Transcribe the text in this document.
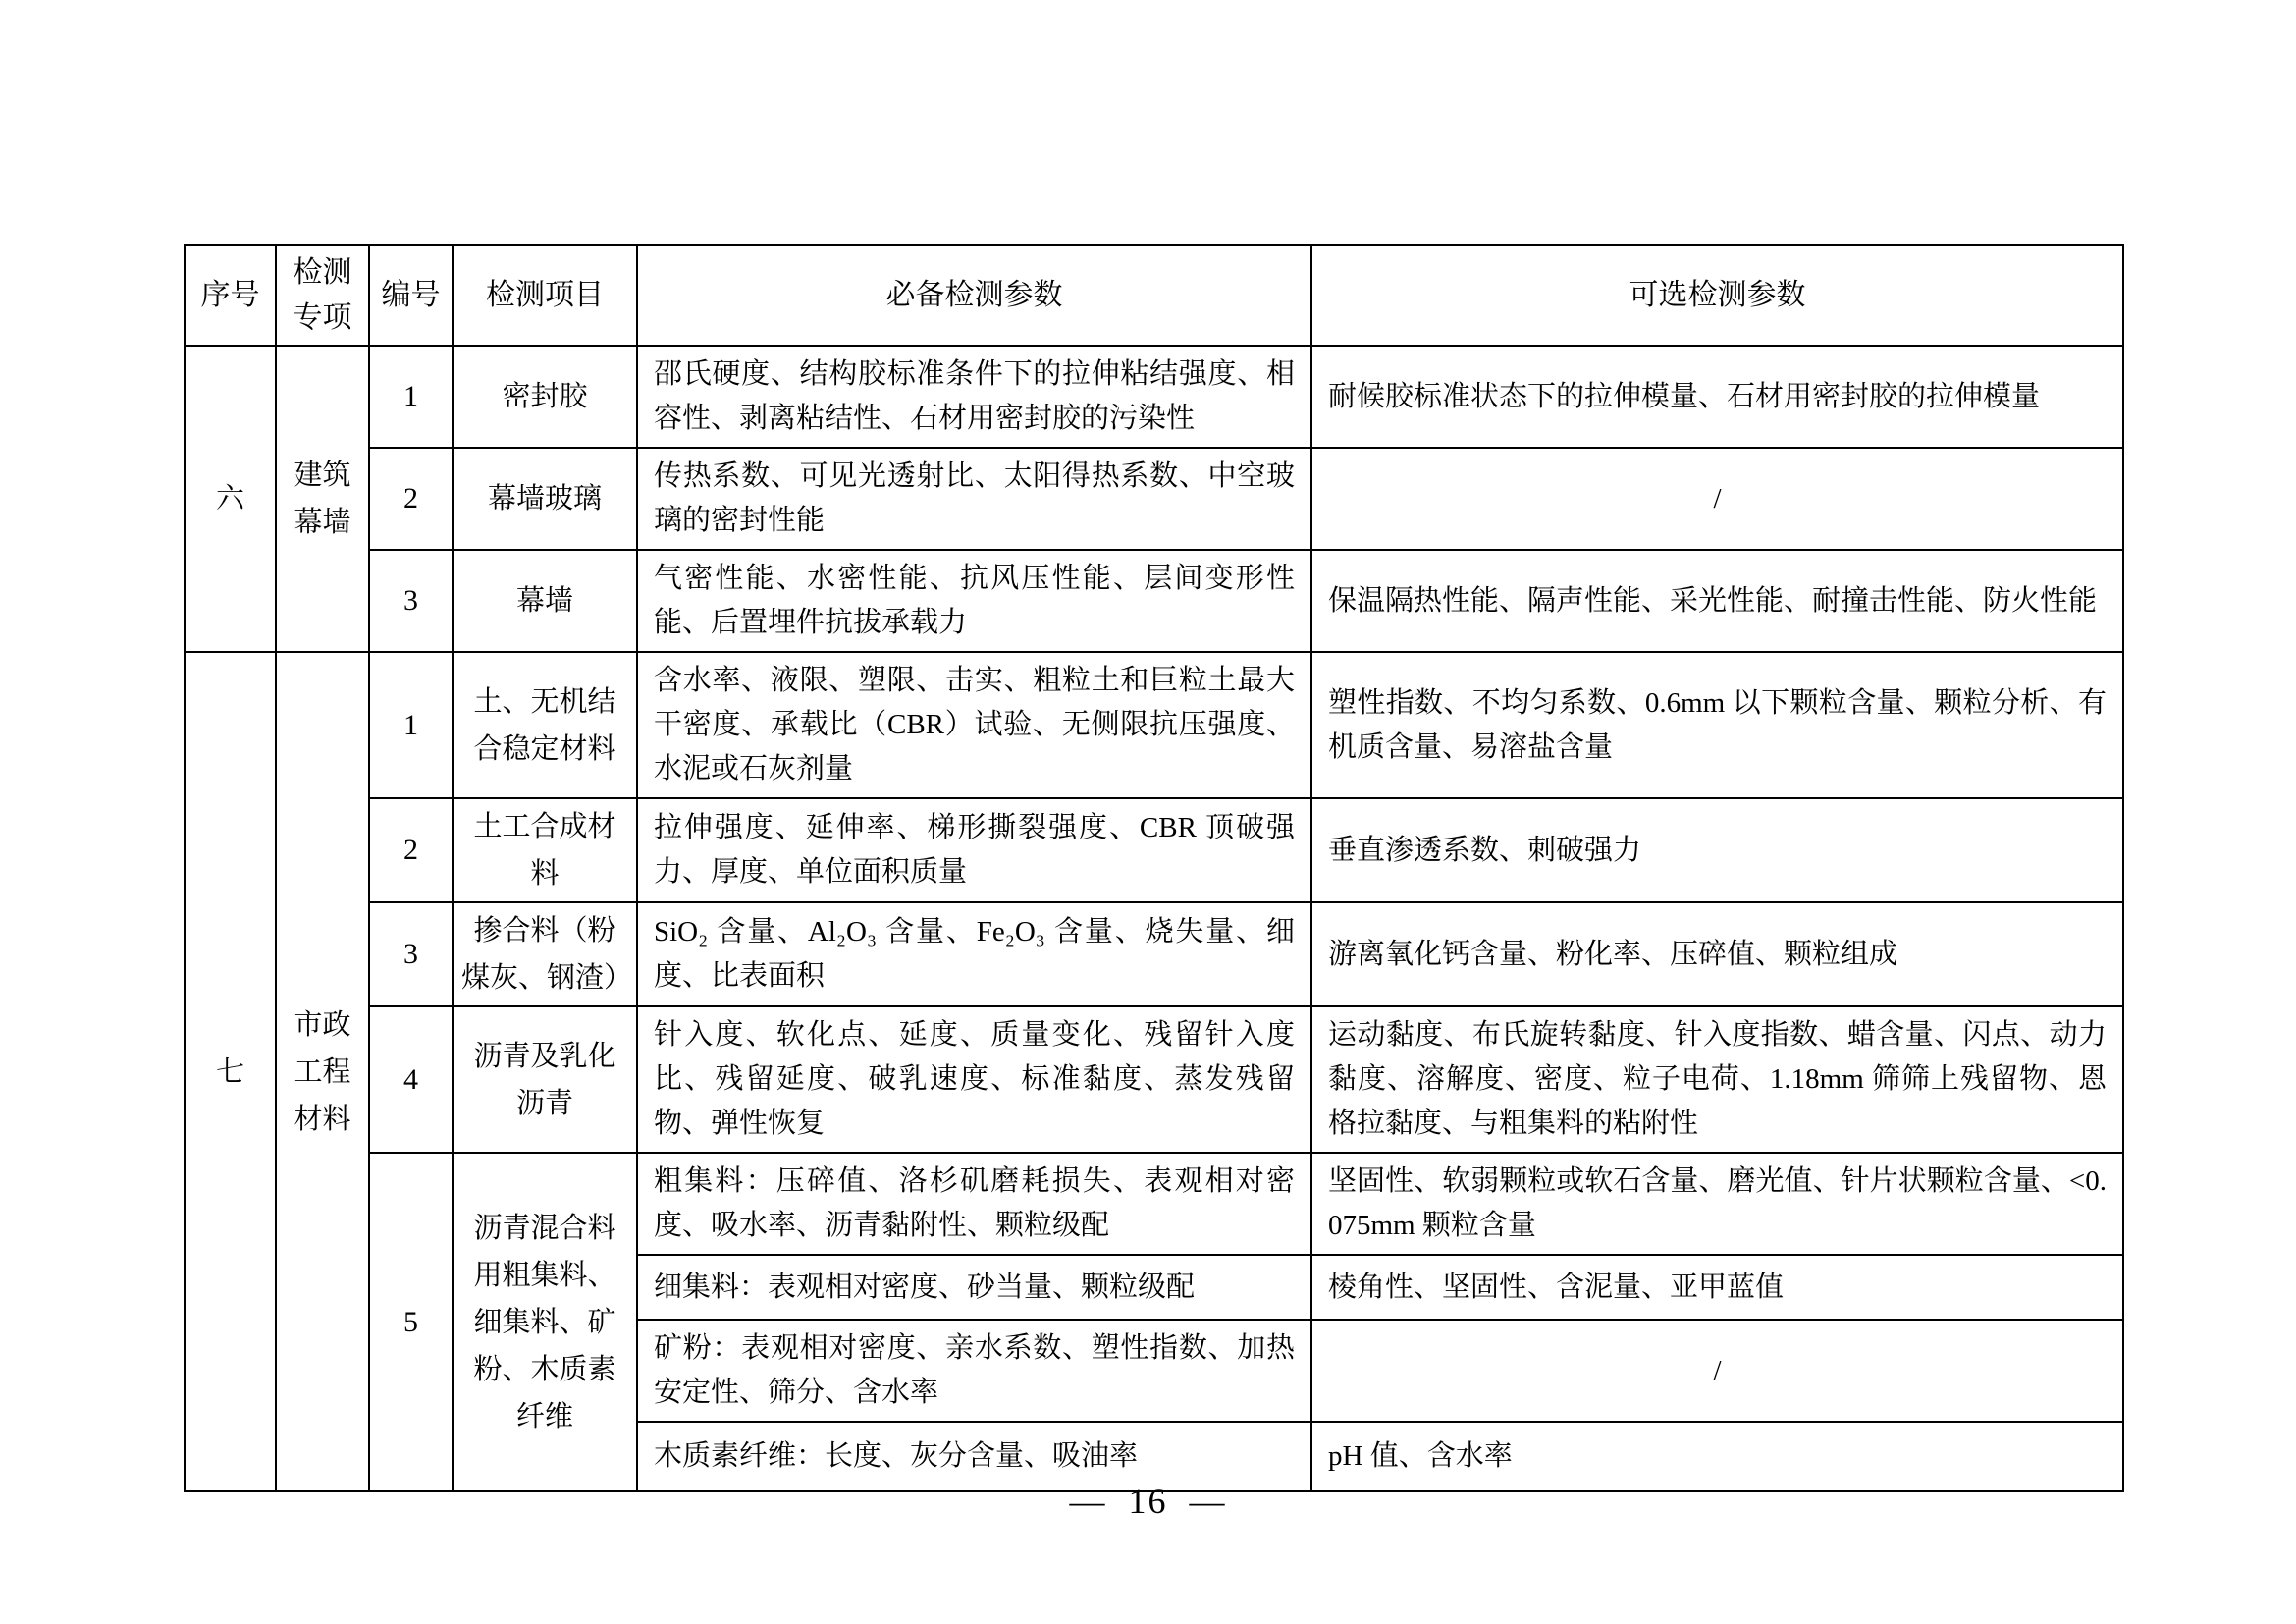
序号	检测专项	编号	检测项目	必备检测参数	可选检测参数
六	建筑幕墙	1	密封胶	邵氏硬度、结构胶标准条件下的拉伸粘结强度、相容性、剥离粘结性、石材用密封胶的污染性	耐候胶标准状态下的拉伸模量、石材用密封胶的拉伸模量
		2	幕墙玻璃	传热系数、可见光透射比、太阳得热系数、中空玻璃的密封性能	/
		3	幕墙	气密性能、水密性能、抗风压性能、层间变形性能、后置埋件抗拔承载力	保温隔热性能、隔声性能、采光性能、耐撞击性能、防火性能
七	市政工程材料	1	土、无机结合稳定材料	含水率、液限、塑限、击实、粗粒土和巨粒土最大干密度、承载比（CBR）试验、无侧限抗压强度、水泥或石灰剂量	塑性指数、不均匀系数、0.6mm 以下颗粒含量、颗粒分析、有机质含量、易溶盐含量
		2	土工合成材料	拉伸强度、延伸率、梯形撕裂强度、CBR 顶破强力、厚度、单位面积质量	垂直渗透系数、刺破强力
		3	掺合料（粉煤灰、钢渣）	SiO₂ 含量、Al₂O₃ 含量、Fe₂O₃ 含量、烧失量、细度、比表面积	游离氧化钙含量、粉化率、压碎值、颗粒组成
		4	沥青及乳化沥青	针入度、软化点、延度、质量变化、残留针入度比、残留延度、破乳速度、标准黏度、蒸发残留物、弹性恢复	运动黏度、布氏旋转黏度、针入度指数、蜡含量、闪点、动力黏度、溶解度、密度、粒子电荷、1.18mm 筛筛上残留物、恩格拉黏度、与粗集料的粘附性
		5	沥青混合料用粗集料、细集料、矿粉、木质素纤维	粗集料：压碎值、洛杉矶磨耗损失、表观相对密度、吸水率、沥青黏附性、颗粒级配	坚固性、软弱颗粒或软石含量、磨光值、针片状颗粒含量、<0.075mm 颗粒含量
				细集料：表观相对密度、砂当量、颗粒级配	棱角性、坚固性、含泥量、亚甲蓝值
				矿粉：表观相对密度、亲水系数、塑性指数、加热安定性、筛分、含水率	/
				木质素纤维：长度、灰分含量、吸油率	pH 值、含水率
— 16 —
